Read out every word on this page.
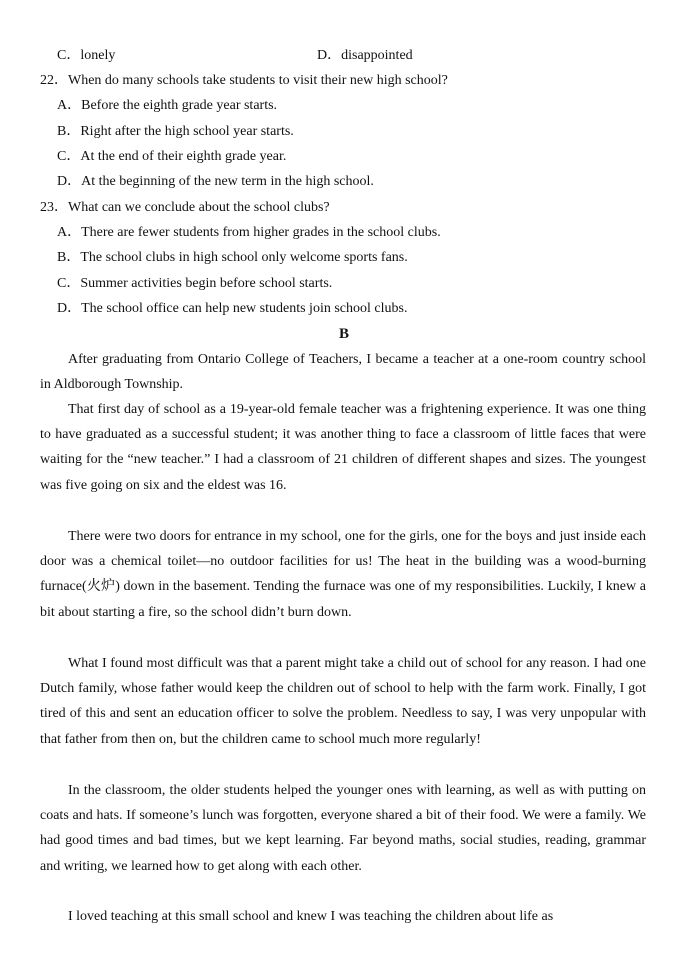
C．lonely	D．disappointed
22．When do many schools take students to visit their new high school?
A．Before the eighth grade year starts.
B．Right after the high school year starts.
C．At the end of their eighth grade year.
D．At the beginning of the new term in the high school.
23．What can we conclude about the school clubs?
A．There are fewer students from higher grades in the school clubs.
B．The school clubs in high school only welcome sports fans.
C．Summer activities begin before school starts.
D．The school office can help new students join school clubs.
B
After graduating from Ontario College of Teachers, I became a teacher at a one-room country school in Aldborough Township.
That first day of school as a 19-year-old female teacher was a frightening experience. It was one thing to have graduated as a successful student; it was another thing to face a classroom of little faces that were waiting for the “new teacher.” I had a classroom of 21 children of different shapes and sizes. The youngest was five going on six and the eldest was 16.
There were two doors for entrance in my school, one for the girls, one for the boys and just inside each door was a chemical toilet—no outdoor facilities for us! The heat in the building was a wood-burning furnace(火炉) down in the basement. Tending the furnace was one of my responsibilities. Luckily, I knew a bit about starting a fire, so the school didn’t burn down.
What I found most difficult was that a parent might take a child out of school for any reason. I had one Dutch family, whose father would keep the children out of school to help with the farm work. Finally, I got tired of this and sent an education officer to solve the problem. Needless to say, I was very unpopular with that father from then on, but the children came to school much more regularly!
In the classroom, the older students helped the younger ones with learning, as well as with putting on coats and hats. If someone’s lunch was forgotten, everyone shared a bit of their food. We were a family. We had good times and bad times, but we kept learning. Far beyond maths, social studies, reading, grammar and writing, we learned how to get along with each other.
I loved teaching at this small school and knew I was teaching the children about life as
